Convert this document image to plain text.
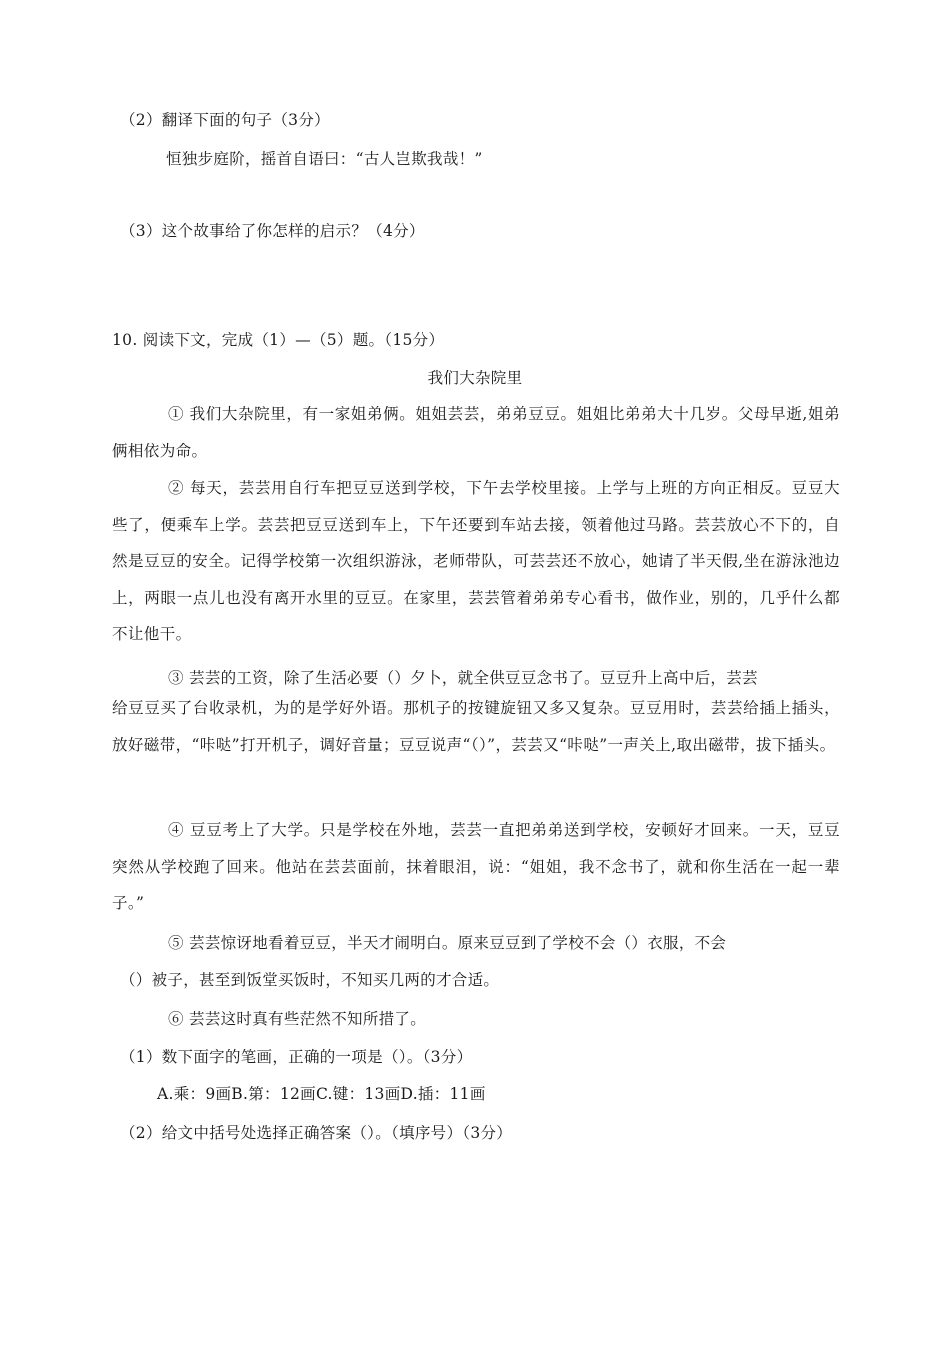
（2）翻译下面的句子（3分）
恒独步庭阶，摇首自语曰：“古人岂欺我哉！”
（3）这个故事给了你怎样的启示？（4分）
10. 阅读下文，完成（1）—（5）题。（15分）
我们大杂院里
① 我们大杂院里，有一家姐弟俩。姐姐芸芸，弟弟豆豆。姐姐比弟弟大十几岁。父母早逝,姐弟俩相依为命。
② 每天，芸芸用自行车把豆豆送到学校，下午去学校里接。上学与上班的方向正相反。豆豆大些了，便乘车上学。芸芸把豆豆送到车上，下午还要到车站去接，领着他过马路。芸芸放心不下的，自然是豆豆的安全。记得学校第一次组织游泳，老师带队，可芸芸还不放心，她请了半天假,坐在游泳池边上，两眼一点儿也没有离开水里的豆豆。在家里，芸芸管着弟弟专心看书，做作业，别的，几乎什么都不让他干。
③ 芸芸的工资，除了生活必要（）夕卜，就全供豆豆念书了。豆豆升上高中后，芸芸
给豆豆买了台收录机，为的是学好外语。那机子的按键旋钮又多又复杂。豆豆用时，芸芸给插上插头，放好磁带，“咔哒”打开机子，调好音量；豆豆说声“（）”，芸芸又“咔哒”一声关上,取出磁带，拔下插头。
④ 豆豆考上了大学。只是学校在外地，芸芸一直把弟弟送到学校，安顿好才回来。一天，豆豆突然从学校跑了回来。他站在芸芸面前，抹着眼泪，说：“姐姐，我不念书了，就和你生活在一起一辈子。”
⑤ 芸芸惊讶地看着豆豆，半天才闹明白。原来豆豆到了学校不会（）衣服，不会
（）被子，甚至到饭堂买饭时，不知买几两的才合适。
⑥ 芸芸这时真有些茫然不知所措了。
（1）数下面字的笔画，正确的一项是（）。（3分）
A.乘：9画B.第：12画C.键：13画D.插：11画
（2）给文中括号处选择正确答案（）。（填序号）（3分）
